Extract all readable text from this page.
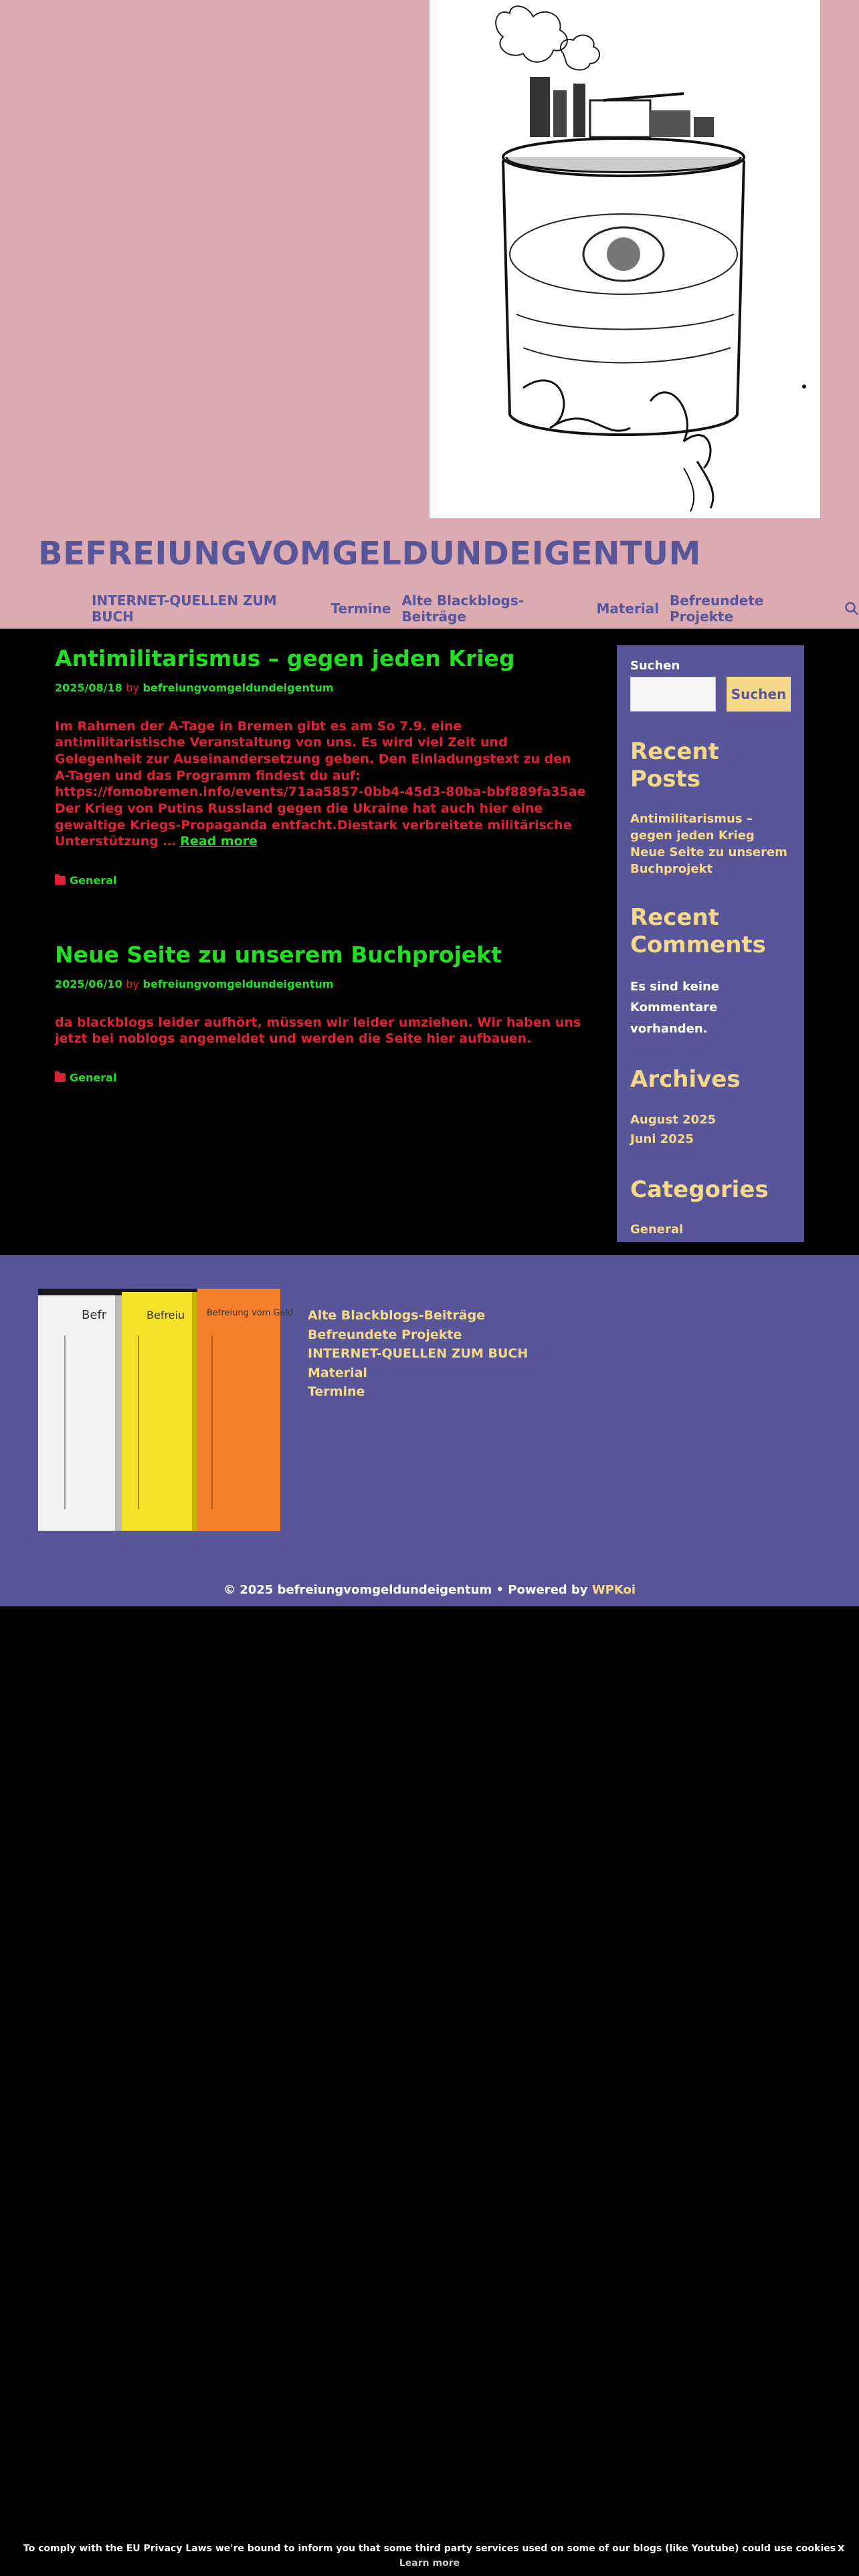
BEFREIUNGVOMGELDUNDEIGENTUM
INTERNET-QUELLEN ZUM BUCH	Termine Alte Blackblogs-Beiträge	Material Befreundete Projekte
Antimilitarismus – gegen jeden Krieg
2025/08/18 by befreiungvomgeldundeigentum
Im Rahmen der A-Tage in Bremen gibt es am So 7.9. eine antimilitaristische Veranstaltung von uns. Es wird viel Zeit und Gelegenheit zur Auseinandersetzung geben. Den Einladungstext zu den A-Tagen und das Programm findest du auf: https://fomobremen.info/events/71aa5857-0bb4-45d3-80ba-bbf889fa35ae Der Krieg von Putins Russland gegen die Ukraine hat auch hier eine gewaltige Kriegs-Propaganda entfacht.Diestark verbreitete militärische Unterstützung … Read more
General
Neue Seite zu unserem Buchprojekt
2025/06/10 by befreiungvomgeldundeigentum
da blackblogs leider aufhört, müssen wir leider umziehen. Wir haben uns jetzt bei noblogs angemeldet und werden die Seite hier aufbauen.
General
Suchen
Suchen
Recent Posts
Antimilitarismus – gegen jeden Krieg
Neue Seite zu unserem Buchprojekt
Recent Comments
Es sind keine Kommentare vorhanden.
Archives
August 2025
Juni 2025
Categories
General
Befr	Befreiu	Befreiung vom Geld Alte Blackblogs-Beiträge
Befreundete Projekte
INTERNET-QUELLEN ZUM BUCH
Material
Termine
© 2025 befreiungvomgeldundeigentum • Powered by WPKoi
To comply with the EU Privacy Laws we're bound to inform you that some third party services used on some of our blogs (like Youtube) could use cookies
Learn more
x
